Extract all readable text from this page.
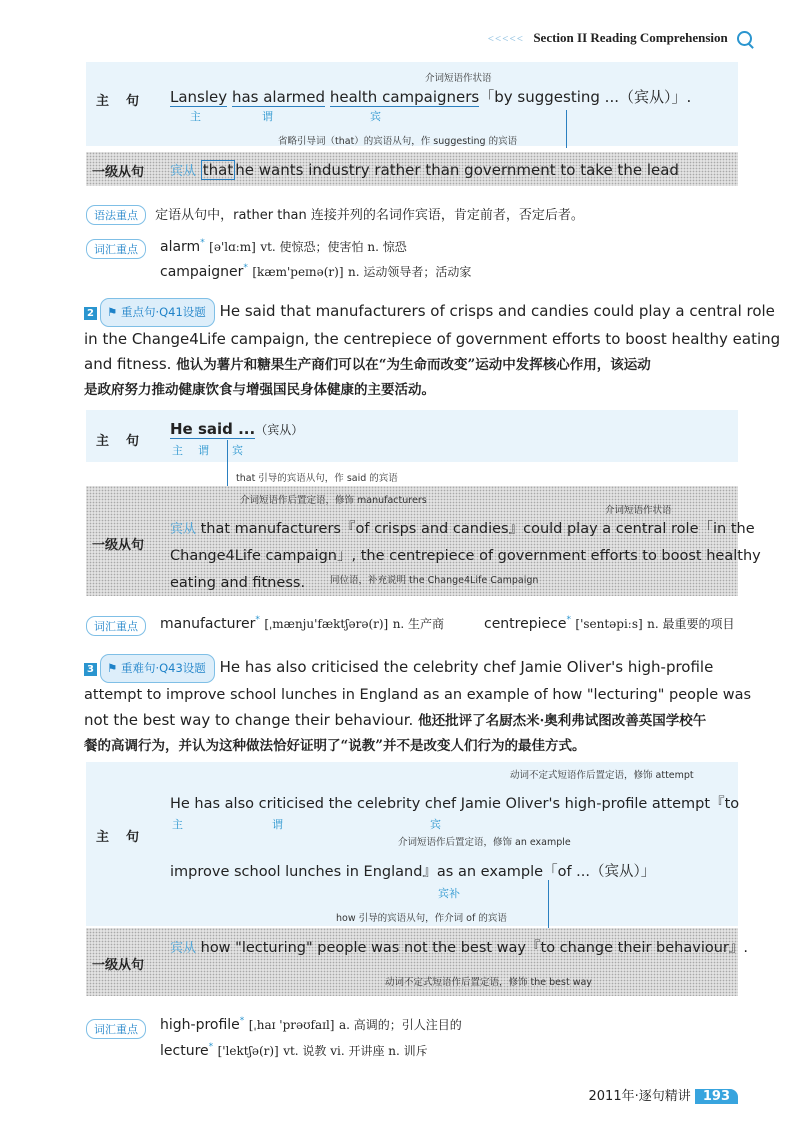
<<<<< Section II Reading Comprehension
主　句
介词短语作状语
Lansley has alarmed health campaigners「by suggesting ...（宾从）」.
主	谓	宾
省略引导词（that）的宾语从句，作 suggesting 的宾语
一级从句 宾从 that he wants industry rather than government to take the lead
语法重点 定语从句中，rather than 连接并列的名词作宾语，肯定前者，否定后者。
词汇重点	alarm* [ə'lɑːm] vt. 使惊恐；使害怕 n. 惊恐
campaigner* [kæm'peɪnə(r)] n. 运动领导者；活动家
2 ⚑ 重点句·Q41设题 He said that manufacturers of crisps and candies could play a central role
in the Change4Life campaign, the centrepiece of government efforts to boost healthy eating
and fitness. 他认为薯片和糖果生产商们可以在“为生命而改变”运动中发挥核心作用，该运动
是政府努力推动健康饮食与增强国民身体健康的主要活动。
主　句
He said ...（宾从）
主 谓 宾
that 引导的宾语从句，作 said 的宾语
一级从句
介词短语作后置定语，修饰 manufacturers
介词短语作状语
宾从 that manufacturers『of crisps and candies』could play a central role「in the
Change4Life campaign」, the centrepiece of government efforts to boost healthy
eating and fitness.	同位语，补充说明 the Change4Life Campaign
词汇重点	manufacturer* [ˌmænju'fæktʃərə(r)] n. 生产商	centrepiece* ['sentəpiːs] n. 最重要的项目
3 ⚑ 重难句·Q43设题 He has also criticised the celebrity chef Jamie Oliver's high-profile
attempt to improve school lunches in England as an example of how "lecturing" people was
not the best way to change their behaviour. 他还批评了名厨杰米·奥利弗试图改善英国学校午
餐的高调行为，并认为这种做法恰好证明了“说教”并不是改变人们行为的最佳方式。
主　句
动词不定式短语作后置定语，修饰 attempt
He has also criticised the celebrity chef Jamie Oliver's high-profile attempt『to
主	谓	宾
介词短语作后置定语，修饰 an example
improve school lunches in England』as an example「of ...（宾从）」
宾补
how 引导的宾语从句，作介词 of 的宾语
一级从句
宾从 how "lecturing" people was not the best way『to change their behaviour』.
动词不定式短语作后置定语，修饰 the best way
词汇重点	high-profile* [ˌhaɪ 'prəʊfaɪl] a. 高调的；引人注目的
lecture* ['lektʃə(r)] vt. 说教 vi. 开讲座 n. 训斥
2011年·逐句精讲 193
